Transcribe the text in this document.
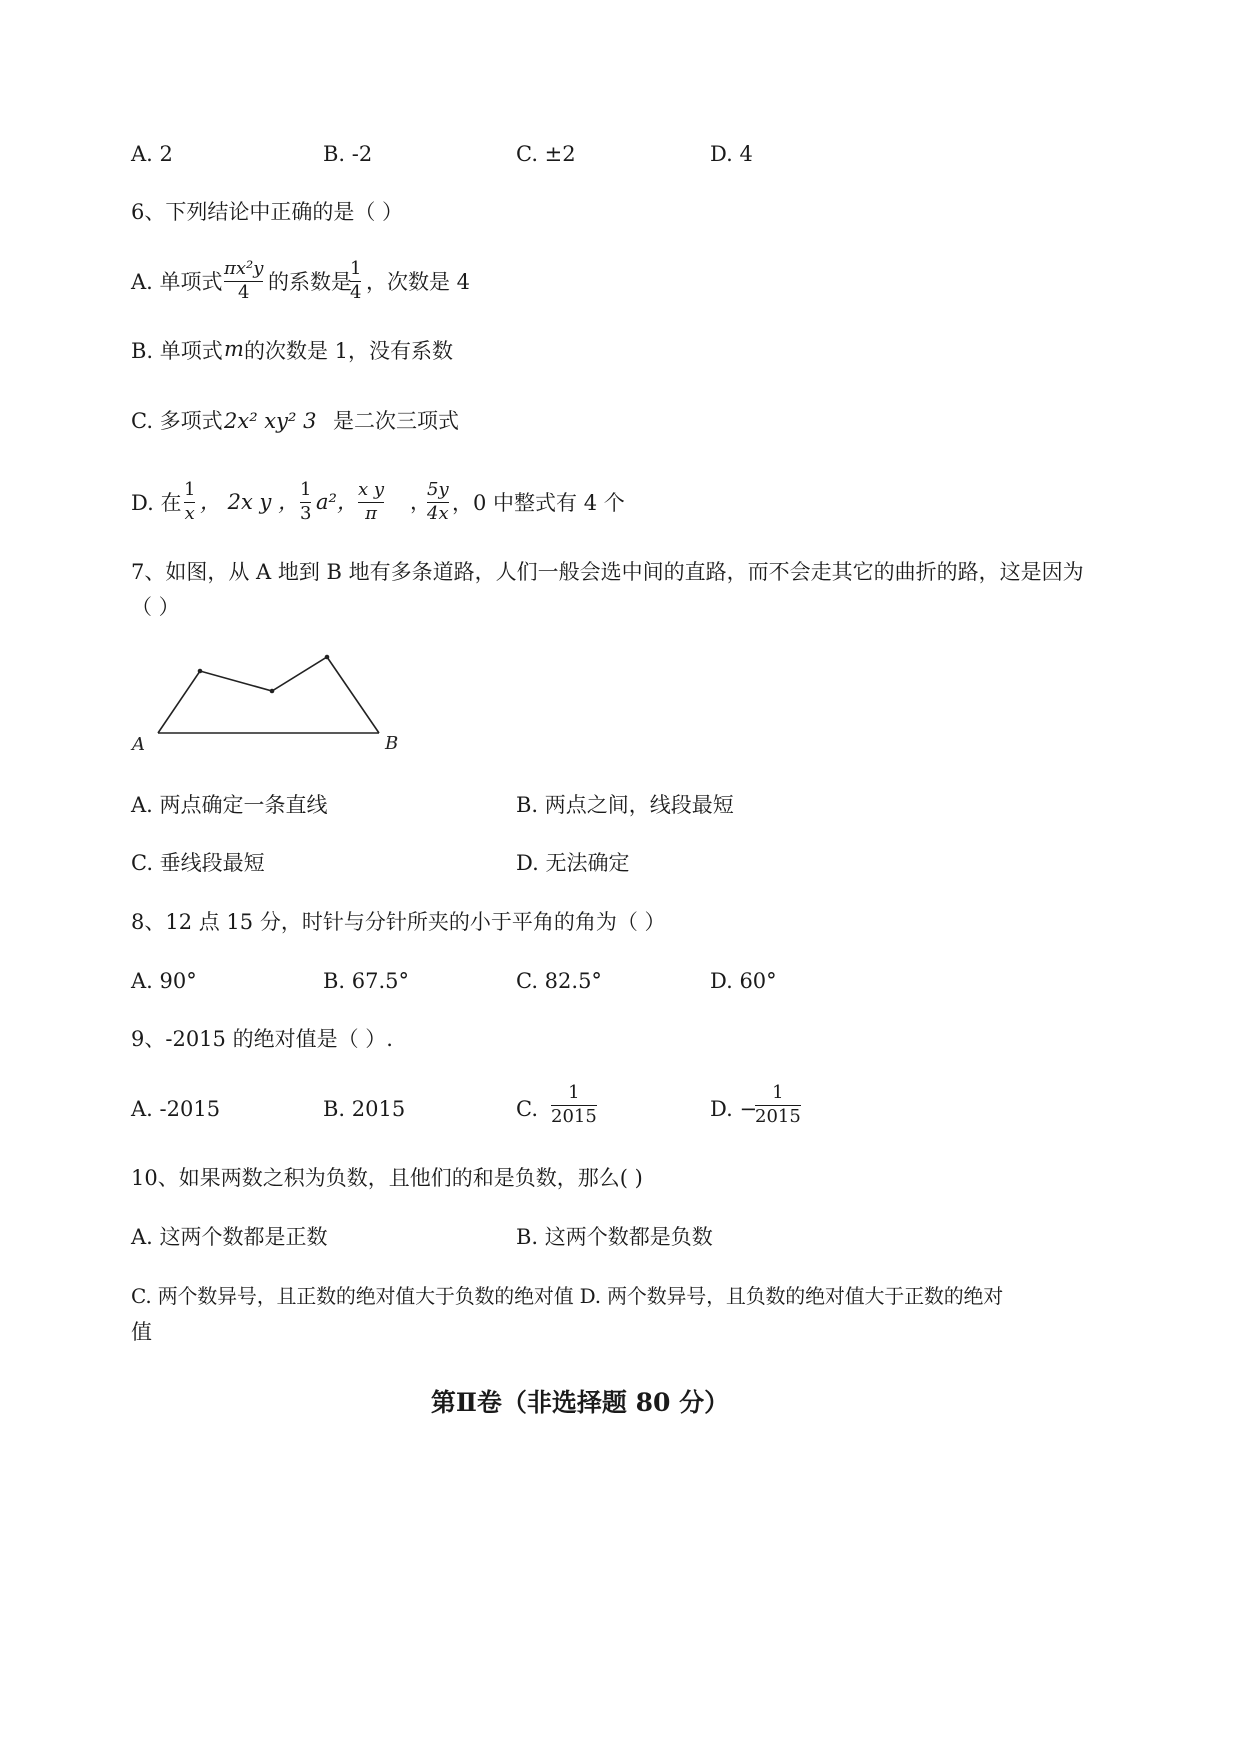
A. 2	B. -2	C. ±2	D. 4
6、下列结论中正确的是（ ）
A. 单项式
πx²y
4 的系数是
1
4 ，次数是 4
B. 单项式 m 的次数是 1，没有系数
C. 多项式 2x² xy² 3 是二次三项式
D. 在
1
x ， 2x y ，
1
3 a²，
x y
π	，
5y
4x ，0 中整式有 4 个
7、如图，从 A 地到 B 地有多条道路，人们一般会选中间的直路，而不会走其它的曲折的路，这是因为
（ ）
A	B
A. 两点确定一条直线	B. 两点之间，线段最短
C. 垂线段最短	D. 无法确定
8、12 点 15 分，时针与分针所夹的小于平角的角为（ ）
A. 90°	B. 67.5°	C. 82.5°	D. 60°
9、-2015 的绝对值是（ ）.
A. -2015	B. 2015	C.
1
2015	D. −
1
2015
10、如果两数之积为负数，且他们的和是负数，那么( )
A. 这两个数都是正数	B. 这两个数都是负数
C. 两个数异号，且正数的绝对值大于负数的绝对值 D. 两个数异号，且负数的绝对值大于正数的绝对
值
第Ⅱ卷（非选择题 80 分）
